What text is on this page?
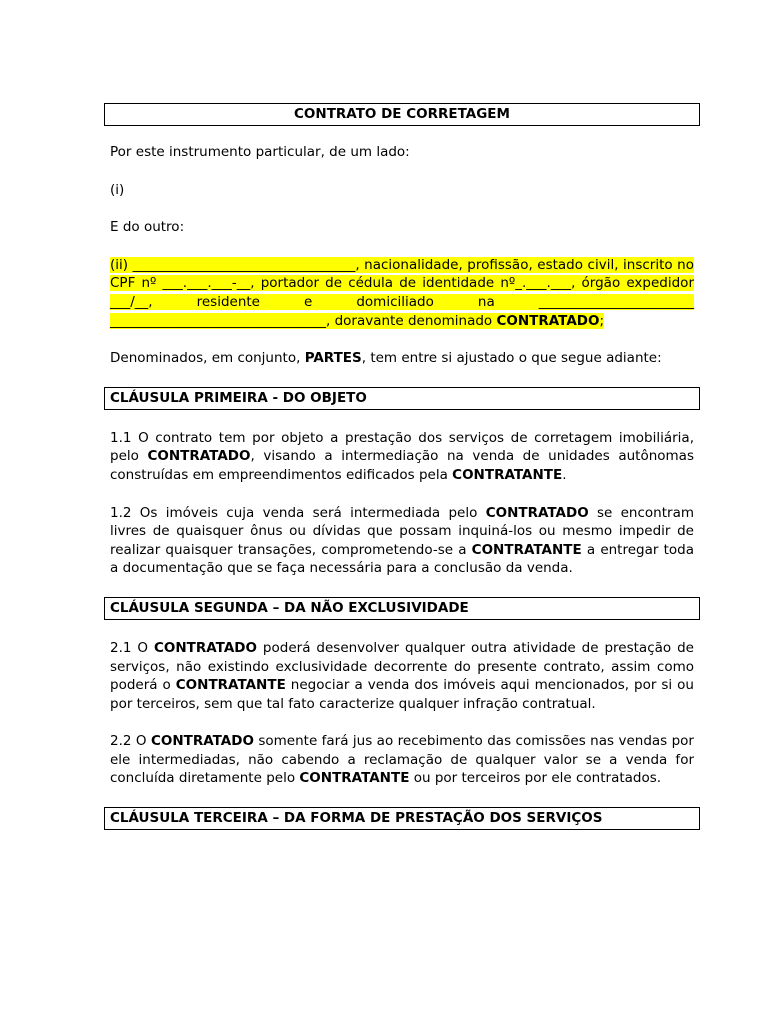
CONTRATO DE CORRETAGEM

Por este instrumento particular, de um lado:

(i)

E do outro:

(ii) _________________________________, nacionalidade, profissão, estado civil, inscrito no CPF nº ___.___.___-__, portador de cédula de identidade nº_.___.___, órgão expedidor ___/__, residente e domiciliado na _______________________ ________________________________, doravante denominado CONTRATADO;

Denominados, em conjunto, PARTES, tem entre si ajustado o que segue adiante:

CLÁUSULA PRIMEIRA - DO OBJETO

1.1 O contrato tem por objeto a prestação dos serviços de corretagem imobiliária, pelo CONTRATADO, visando a intermediação na venda de unidades autônomas construídas em empreendimentos edificados pela CONTRATANTE.

1.2 Os imóveis cuja venda será intermediada pelo CONTRATADO se encontram livres de quaisquer ônus ou dívidas que possam inquiná-los ou mesmo impedir de realizar quaisquer transações, comprometendo-se a CONTRATANTE a entregar toda a documentação que se faça necessária para a conclusão da venda.

CLÁUSULA SEGUNDA – DA NÃO EXCLUSIVIDADE

2.1 O CONTRATADO poderá desenvolver qualquer outra atividade de prestação de serviços, não existindo exclusividade decorrente do presente contrato, assim como poderá o CONTRATANTE negociar a venda dos imóveis aqui mencionados, por si ou por terceiros, sem que tal fato caracterize qualquer infração contratual.

2.2 O CONTRATADO somente fará jus ao recebimento das comissões nas vendas por ele intermediadas, não cabendo a reclamação de qualquer valor se a venda for concluída diretamente pelo CONTRATANTE ou por terceiros por ele contratados.

CLÁUSULA TERCEIRA – DA FORMA DE PRESTAÇÃO DOS SERVIÇOS
